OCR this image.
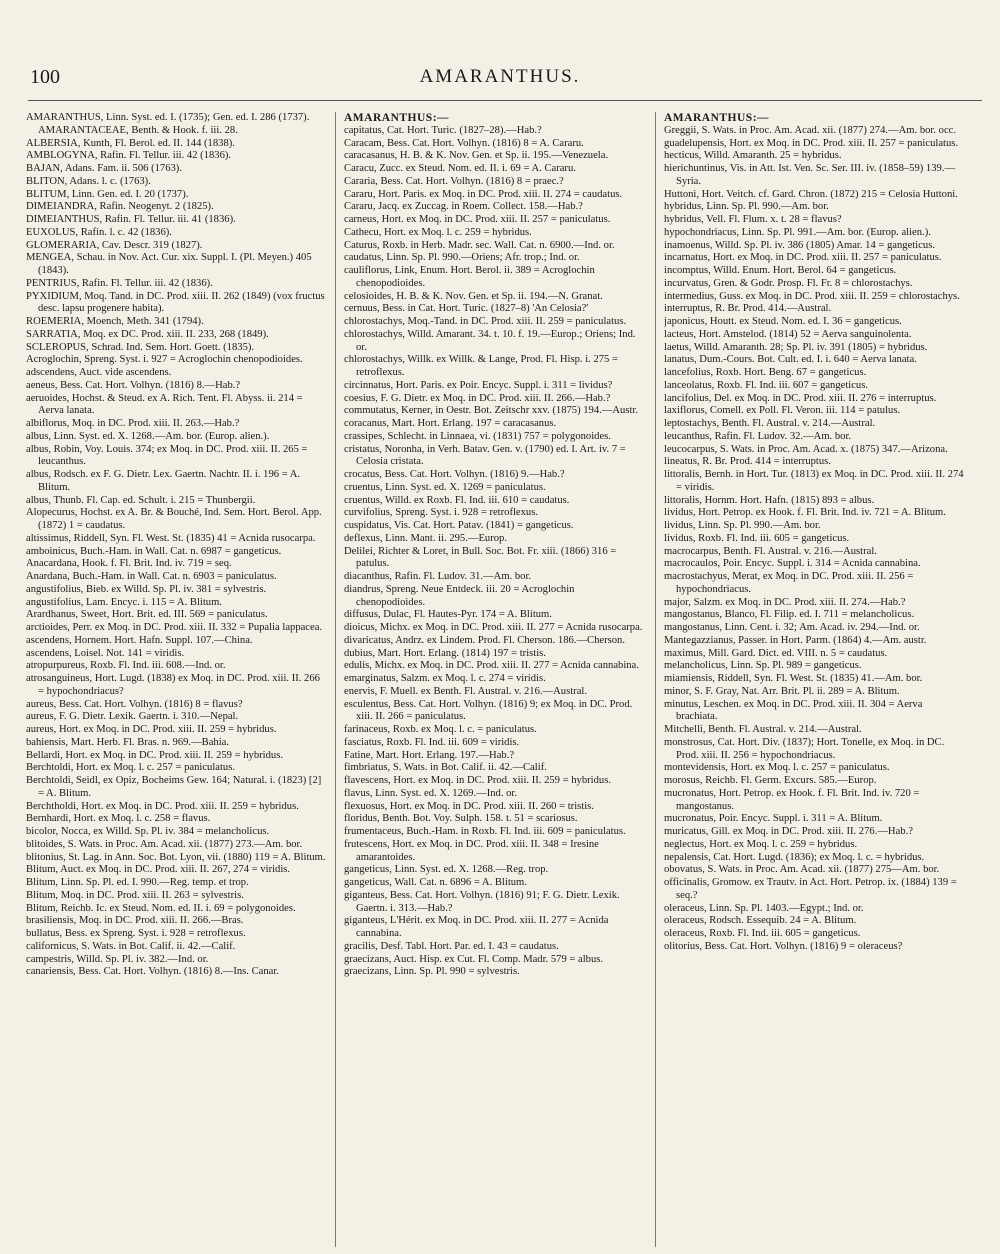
100	AMARANTHUS.

AMARANTHUS, Linn. Syst. ed. I. (1735); Gen. ed. I. 286 (1737). AMARANTACEAE, Benth. & Hook. f. iii. 28.

ALBERSIA, Kunth, Fl. Berol. ed. II. 144 (1838).

AMBLOGYNA, Rafin. Fl. Tellur. iii. 42 (1836).

BAJAN, Adans. Fam. ii. 506 (1763).

BLITON, Adans. l. c. (1763).

BLITUM, Linn. Gen. ed. I. 20 (1737).

DIMEIANDRA, Rafin. Neogenyt. 2 (1825).

DIMEIANTHUS, Rafin. Fl. Tellur. iii. 41 (1836).

EUXOLUS, Rafin. l. c. 42 (1836).

GLOMERARIA, Cav. Descr. 319 (1827).

MENGEA, Schau. in Nov. Act. Cur. xix. Suppl. I. (Pl. Meyen.) 405 (1843).

PENTRIUS, Rafin. Fl. Tellur. iii. 42 (1836).

PYXIDIUM, Moq. Tand. in DC. Prod. xiii. II. 262 (1849) (vox fructus desc. lapsu progenere habita).

ROEMERIA, Moench, Meth. 341 (1794).

SARRATIA, Moq. ex DC. Prod. xiii. II. 233, 268 (1849).

SCLEROPUS, Schrad. Ind. Sem. Hort. Goett. (1835).

Acroglochin, Spreng. Syst. i. 927 = Acroglochin chenopodioides.

adscendens, Auct. vide ascendens.

aeneus, Bess. Cat. Hort. Volhyn. (1816) 8.—Hab.?

aeruoides, Hochst. & Steud. ex A. Rich. Tent. Fl. Abyss. ii. 214 = Aerva lanata.

albiflorus, Moq. in DC. Prod. xiii. II. 263.—Hab.?

albus, Linn. Syst. ed. X. 1268.—Am. bor. (Europ. alien.).

albus, Robin, Voy. Louis. 374; ex Moq. in DC. Prod. xiii. II. 265 = leucanthus.

albus, Rodsch. ex F. G. Dietr. Lex. Gaertn. Nachtr. II. i. 196 = A. Blitum.

albus, Thunb. Fl. Cap. ed. Schult. i. 215 = Thunbergii.

Alopecurus, Hochst. ex A. Br. & Bouché, Ind. Sem. Hort. Berol. App. (1872) 1 = caudatus.

altissimus, Riddell, Syn. Fl. West. St. (1835) 41 = Acnida rusocarpa.

amboinicus, Buch.-Ham. in Wall. Cat. n. 6987 = gangeticus.

Anacardana, Hook. f. Fl. Brit. Ind. iv. 719 = seq.

Anardana, Buch.-Ham. in Wall. Cat. n. 6903 = paniculatus.

angustifolius, Bieb. ex Willd. Sp. Pl. iv. 381 = sylvestris.

angustifolius, Lam. Encyc. i. 115 = A. Blitum.

Arardhanus, Sweet, Hort. Brit. ed. III. 569 = paniculatus.

arctioides, Perr. ex Moq. in DC. Prod. xiii. II. 332 = Pupalia lappacea.

ascendens, Hornem. Hort. Hafn. Suppl. 107.—China.

ascendens, Loisel. Not. 141 = viridis.

atropurpureus, Roxb. Fl. Ind. iii. 608.—Ind. or.

atrosanguineus, Hort. Lugd. (1838) ex Moq. in DC. Prod. xiii. II. 266 = hypochondriacus?

aureus, Bess. Cat. Hort. Volhyn. (1816) 8 = flavus?

aureus, F. G. Dietr. Lexik. Gaertn. i. 310.—Nepal.

aureus, Hort. ex Moq. in DC. Prod. xiii. II. 259 = hybridus.

bahiensis, Mart. Herb. Fl. Bras. n. 969.—Bahia.

Bellardi, Hort. ex Moq. in DC. Prod. xiii. II. 259 = hybridus.

Berchtoldi, Hort. ex Moq. l. c. 257 = paniculatus.

Berchtoldi, Seidl, ex Opiz, Bocheims Gew. 164; Natural. i. (1823) [2] = A. Blitum.

Berchtholdi, Hort. ex Moq. in DC. Prod. xiii. II. 259 = hybridus.

Bernhardi, Hort. ex Moq. l. c. 258 = flavus.

bicolor, Nocca, ex Willd. Sp. Pl. iv. 384 = melancholicus.

blitoides, S. Wats. in Proc. Am. Acad. xii. (1877) 273.—Am. bor.

blitonius, St. Lag. in Ann. Soc. Bot. Lyon, vii. (1880) 119 = A. Blitum.

Blitum, Auct. ex Moq. in DC. Prod. xiii. II. 267, 274 = viridis.

Blitum, Linn. Sp. Pl. ed. I. 990.—Reg. temp. et trop.

Blitum, Moq. in DC. Prod. xiii. II. 263 = sylvestris.

Blitum, Reichb. Ic. ex Steud. Nom. ed. II. i. 69 = polygonoides.

brasiliensis, Moq. in DC. Prod. xiii. II. 266.—Bras.

bullatus, Bess. ex Spreng. Syst. i. 928 = retroflexus.

californicus, S. Wats. in Bot. Calif. ii. 42.—Calif.

campestris, Willd. Sp. Pl. iv. 382.—Ind. or.

canariensis, Bess. Cat. Hort. Volhyn. (1816) 8.—Ins. Canar.

AMARANTHUS:—

capitatus, Cat. Hort. Turic. (1827–28).—Hab.?

Caracam, Bess. Cat. Hort. Volhyn. (1816) 8 = A. Cararu.

caracasanus, H. B. & K. Nov. Gen. et Sp. ii. 195.—Venezuela.

Caracu, Zucc. ex Steud. Nom. ed. II. i. 69 = A. Cararu.

Cararia, Bess. Cat. Hort. Volhyn. (1816) 8 = praec.?

Cararu, Hort. Paris. ex Moq. in DC. Prod. xiii. II. 274 = caudatus.

Cararu, Jacq. ex Zuccag. in Roem. Collect. 158.—Hab.?

carneus, Hort. ex Moq. in DC. Prod. xiii. II. 257 = paniculatus.

Cathecu, Hort. ex Moq. l. c. 259 = hybridus.

Caturus, Roxb. in Herb. Madr. sec. Wall. Cat. n. 6900.—Ind. or.

caudatus, Linn. Sp. Pl. 990.—Oriens; Afr. trop.; Ind. or.

cauliflorus, Link, Enum. Hort. Berol. ii. 389 = Acroglochin chenopodioides.

celosioides, H. B. & K. Nov. Gen. et Sp. ii. 194.—N. Granat.

cernuus, Bess. in Cat. Hort. Turic. (1827–8) 'An Celosia?'

chlorostachys, Moq.-Tand. in DC. Prod. xiii. II. 259 = paniculatus.

chlorostachys, Willd. Amarant. 34. t. 10. f. 19.—Europ.; Oriens; Ind. or.

chlorostachys, Willk. ex Willk. & Lange, Prod. Fl. Hisp. i. 275 = retroflexus.

circinnatus, Hort. Paris. ex Poir. Encyc. Suppl. i. 311 = lividus?

coesius, F. G. Dietr. ex Moq. in DC. Prod. xiii. II. 266.—Hab.?

commutatus, Kerner, in Oestr. Bot. Zeitschr xxv. (1875) 194.—Austr.

coracanus, Mart. Hort. Erlang. 197 = caracasanus.

crassipes, Schlecht. in Linnaea, vi. (1831) 757 = polygonoides.

cristatus, Noronha, in Verh. Batav. Gen. v. (1790) ed. I. Art. iv. 7 = Celosia cristata.

crocatus, Bess. Cat. Hort. Volhyn. (1816) 9.—Hab.?

cruentus, Linn. Syst. ed. X. 1269 = paniculatus.

cruentus, Willd. ex Roxb. Fl. Ind. iii. 610 = caudatus.

curvifolius, Spreng. Syst. i. 928 = retroflexus.

cuspidatus, Vis. Cat. Hort. Patav. (1841) = gangeticus.

deflexus, Linn. Mant. ii. 295.—Europ.

Delilei, Richter & Loret, in Bull. Soc. Bot. Fr. xiii. (1866) 316 = patulus.

diacanthus, Rafin. Fl. Ludov. 31.—Am. bor.

diandrus, Spreng. Neue Entdeck. iii. 20 = Acroglochin chenopodioides.

diffusus, Dulac, Fl. Hautes-Pyr. 174 = A. Blitum.

dioicus, Michx. ex Moq. in DC. Prod. xiii. II. 277 = Acnida rusocarpa.

divaricatus, Andrz. ex Lindem. Prod. Fl. Cherson. 186.—Cherson.

dubius, Mart. Hort. Erlang. (1814) 197 = tristis.

edulis, Michx. ex Moq. in DC. Prod. xiii. II. 277 = Acnida cannabina.

emarginatus, Salzm. ex Moq. l. c. 274 = viridis.

enervis, F. Muell. ex Benth. Fl. Austral. v. 216.—Austral.

esculentus, Bess. Cat. Hort. Volhyn. (1816) 9; ex Moq. in DC. Prod. xiii. II. 266 = paniculatus.

farinaceus, Roxb. ex Moq. l. c. = paniculatus.

fasciatus, Roxb. Fl. Ind. iii. 609 = viridis.

Fatine, Mart. Hort. Erlang. 197.—Hab.?

fimbriatus, S. Wats. in Bot. Calif. ii. 42.—Calif.

flavescens, Hort. ex Moq. in DC. Prod. xiii. II. 259 = hybridus.

flavus, Linn. Syst. ed. X. 1269.—Ind. or.

flexuosus, Hort. ex Moq. in DC. Prod. xiii. II. 260 = tristis.

floridus, Benth. Bot. Voy. Sulph. 158. t. 51 = scariosus.

frumentaceus, Buch.-Ham. in Roxb. Fl. Ind. iii. 609 = paniculatus.

frutescens, Hort. ex Moq. in DC. Prod. xiii. II. 348 = Iresine amarantoides.

gangeticus, Linn. Syst. ed. X. 1268.—Reg. trop.

gangeticus, Wall. Cat. n. 6896 = A. Blitum.

giganteus, Bess. Cat. Hort. Volhyn. (1816) 91; F. G. Dietr. Lexik. Gaertn. i. 313.—Hab.?

giganteus, L'Hérit. ex Moq. in DC. Prod. xiii. II. 277 = Acnida cannabina.

gracilis, Desf. Tabl. Hort. Par. ed. I. 43 = caudatus.

graecizans, Auct. Hisp. ex Cut. Fl. Comp. Madr. 579 = albus.

graecizans, Linn. Sp. Pl. 990 = sylvestris.

AMARANTHUS:—

Greggii, S. Wats. in Proc. Am. Acad. xii. (1877) 274.—Am. bor. occ.

guadelupensis, Hort. ex Moq. in DC. Prod. xiii. II. 257 = paniculatus.

hecticus, Willd. Amaranth. 25 = hybridus.

hierichuntinus, Vis. in Att. Ist. Ven. Sc. Ser. III. iv. (1858–59) 139.—Syria.

Huttoni, Hort. Veitch. cf. Gard. Chron. (1872) 215 = Celosia Huttoni.

hybridus, Linn. Sp. Pl. 990.—Am. bor.

hybridus, Vell. Fl. Flum. x. t. 28 = flavus?

hypochondriacus, Linn. Sp. Pl. 991.—Am. bor. (Europ. alien.).

inamoenus, Willd. Sp. Pl. iv. 386 (1805) Amar. 14 = gangeticus.

incarnatus, Hort. ex Moq. in DC. Prod. xiii. II. 257 = paniculatus.

incomptus, Willd. Enum. Hort. Berol. 64 = gangeticus.

incurvatus, Gren. & Godr. Prosp. Fl. Fr. 8 = chlorostachys.

intermedius, Guss. ex Moq. in DC. Prod. xiii. II. 259 = chlorostachys.

interruptus, R. Br. Prod. 414.—Austral.

japonicus, Houtt. ex Steud. Nom. ed. I. 36 = gangeticus.

lacteus, Hort. Amstelod. (1814) 52 = Aerva sanguinolenta.

laetus, Willd. Amaranth. 28; Sp. Pl. iv. 391 (1805) = hybridus.

lanatus, Dum.-Cours. Bot. Cult. ed. I. i. 640 = Aerva lanata.

lancefolius, Roxb. Hort. Beng. 67 = gangeticus.

lanceolatus, Roxb. Fl. Ind. iii. 607 = gangeticus.

lancifolius, Del. ex Moq. in DC. Prod. xiii. II. 276 = interruptus.

laxiflorus, Comell. ex Poll. Fl. Veron. iii. 114 = patulus.

leptostachys, Benth. Fl. Austral. v. 214.—Austral.

leucanthus, Rafin. Fl. Ludov. 32.—Am. bor.

leucocarpus, S. Wats. in Proc. Am. Acad. x. (1875) 347.—Arizona.

lineatus, R. Br. Prod. 414 = interruptus.

littoralis, Bernh. in Hort. Tur. (1813) ex Moq. in DC. Prod. xiii. II. 274 = viridis.

littoralis, Hornm. Hort. Hafn. (1815) 893 = albus.

lividus, Hort. Petrop. ex Hook. f. Fl. Brit. Ind. iv. 721 = A. Blitum.

lividus, Linn. Sp. Pl. 990.—Am. bor.

lividus, Roxb. Fl. Ind. iii. 605 = gangeticus.

macrocarpus, Benth. Fl. Austral. v. 216.—Austral.

macrocaulos, Poir. Encyc. Suppl. i. 314 = Acnida cannabina.

macrostachyus, Merat, ex Moq. in DC. Prod. xiii. II. 256 = hypochondriacus.

major, Salzm. ex Moq. in DC. Prod. xiii. II. 274.—Hab.?

mangostanus, Blanco, Fl. Filip. ed. I. 711 = melancholicus.

mangostanus, Linn. Cent. i. 32; Am. Acad. iv. 294.—Ind. or.

Mantegazzianus, Passer. in Hort. Parm. (1864) 4.—Am. austr.

maximus, Mill. Gard. Dict. ed. VIII. n. 5 = caudatus.

melancholicus, Linn. Sp. Pl. 989 = gangeticus.

miamiensis, Riddell, Syn. Fl. West. St. (1835) 41.—Am. bor.

minor, S. F. Gray, Nat. Arr. Brit. Pl. ii. 289 = A. Blitum.

minutus, Leschen. ex Moq. in DC. Prod. xiii. II. 304 = Aerva brachiata.

Mitchelli, Benth. Fl. Austral. v. 214.—Austral.

monstrosus, Cat. Hort. Div. (1837); Hort. Tonelle, ex Moq. in DC. Prod. xiii. II. 256 = hypochondriacus.

montevidensis, Hort. ex Moq. l. c. 257 = paniculatus.

morosus, Reichb. Fl. Germ. Excurs. 585.—Europ.

mucronatus, Hort. Petrop. ex Hook. f. Fl. Brit. Ind. iv. 720 = mangostanus.

mucronatus, Poir. Encyc. Suppl. i. 311 = A. Blitum.

muricatus, Gill. ex Moq. in DC. Prod. xiii. II. 276.—Hab.?

neglectus, Hort. ex Moq. l. c. 259 = hybridus.

nepalensis, Cat. Hort. Lugd. (1836); ex Moq. l. c. = hybridus.

obovatus, S. Wats. in Proc. Am. Acad. xii. (1877) 275—Am. bor.

officinalis, Gromow. ex Trautv. in Act. Hort. Petrop. ix. (1884) 139 = seq.?

oleraceus, Linn. Sp. Pl. 1403.—Egypt.; Ind. or.

oleraceus, Rodsch. Essequib. 24 = A. Blitum.

oleraceus, Roxb. Fl. Ind. iii. 605 = gangeticus.

olitorius, Bess. Cat. Hort. Volhyn. (1816) 9 = oleraceus?
